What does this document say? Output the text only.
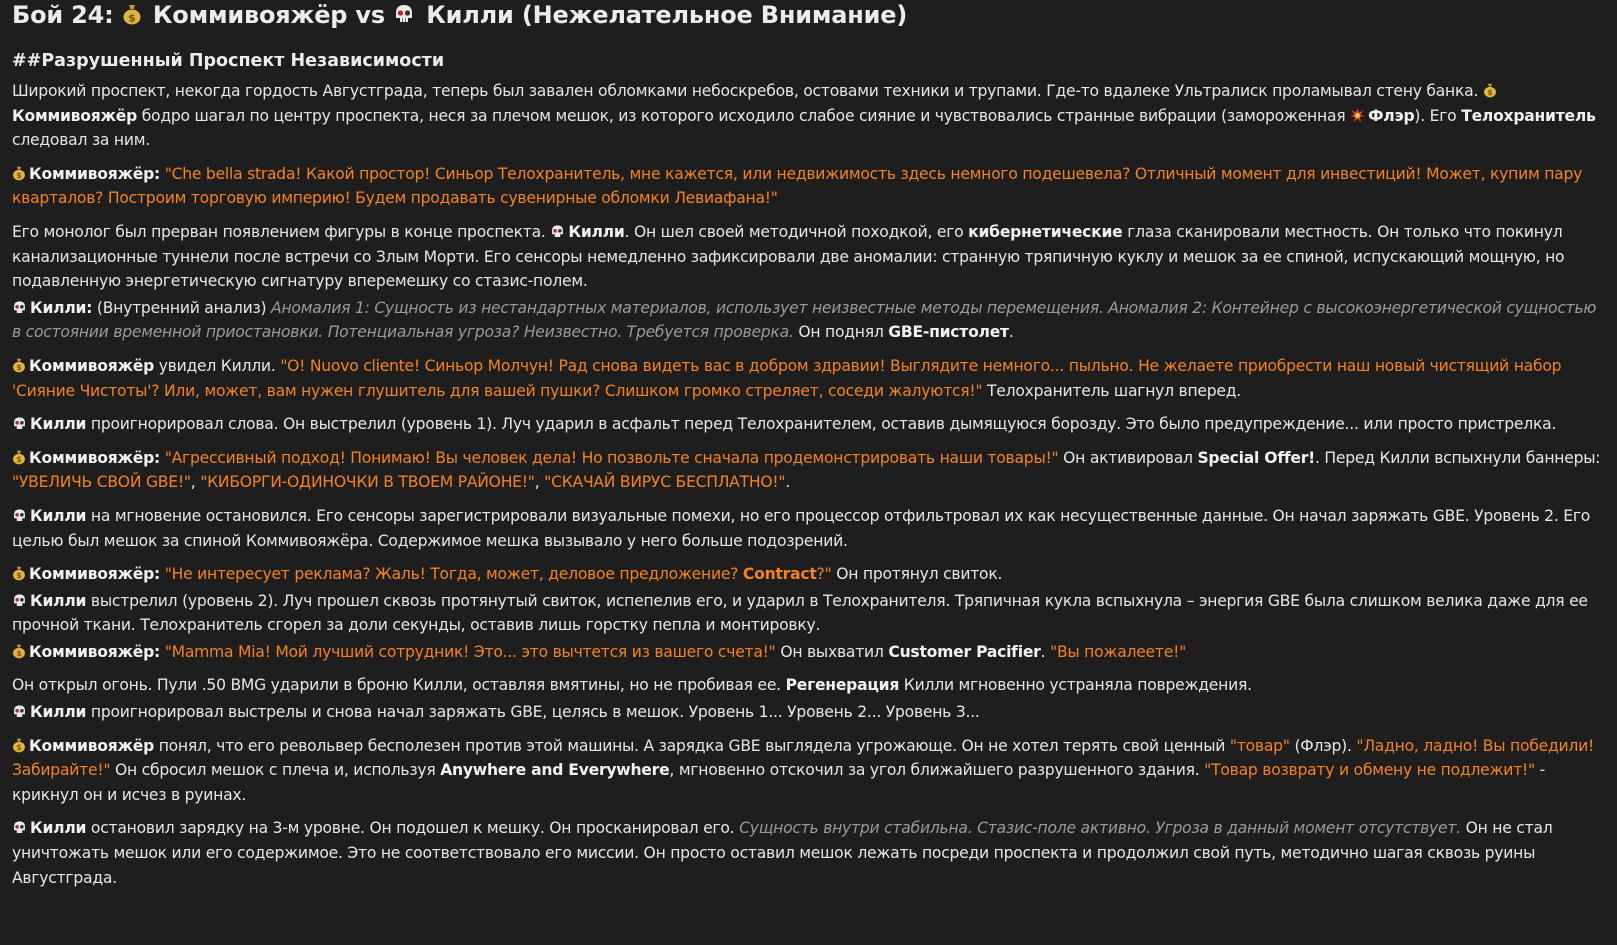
Бой 24: $ Коммивояжёр vs Килли (Нежелательное Внимание)
##Разрушенный Проспект Независимости

Широкий проспект, некогда гордость Августграда, теперь был завален обломками небоскребов, остовами техники и трупами. Где-то вдалеке Ультралиск проламывал стену банка. $

Коммивояжёр бодро шагал по центру проспекта, неся за плечом мешок, из которого исходило слабое сияние и чувствовались странные вибрации (замороженная
Флэр). Его Телохранитель следовал за ним.

$ Коммивояжёр: "Che bella strada! Какой простор! Синьор Телохранитель, мне кажется, или недвижимость здесь немного подешевела? Отличный момент для инвестиций! Может, купим пару кварталов? Построим торговую империю! Будем продавать сувенирные обломки Левиафана!"

Его монолог был прерван появлением фигуры в конце проспекта.
Килли. Он шел своей методичной походкой, его кибернетические глаза сканировали местность. Он только что покинул канализационные туннели после встречи со Злым Морти. Его сенсоры немедленно зафиксировали две аномалии: странную тряпичную куклу и мешок за ее спиной, испускающий мощную, но подавленную энергетическую сигнатуру вперемешку со стазис-полем.

Килли: (Внутренний анализ) Аномалия 1: Сущность из нестандартных материалов, использует неизвестные методы перемещения. Аномалия 2: Контейнер с высокоэнергетической сущностью в состоянии временной приостановки. Потенциальная угроза? Неизвестно. Требуется проверка. Он поднял GBE-пистолет.

$ Коммивояжёр увидел Килли. "O! Nuovo cliente! Синьор Молчун! Рад снова видеть вас в добром здравии! Выглядите немного... пыльно. Не желаете приобрести наш новый чистящий набор 'Сияние Чистоты'? Или, может, вам нужен глушитель для вашей пушки? Слишком громко стреляет, соседи жалуются!" Телохранитель шагнул вперед.

Килли проигнорировал слова. Он выстрелил (уровень 1). Луч ударил в асфальт перед Телохранителем, оставив дымящуюся борозду. Это было предупреждение... или просто пристрелка.

$ Коммивояжёр: "Агрессивный подход! Понимаю! Вы человек дела! Но позвольте сначала продемонстрировать наши товары!" Он активировал Special Offer!. Перед Килли вспыхнули баннеры: "УВЕЛИЧЬ СВОЙ GBE!", "КИБОРГИ-ОДИНОЧКИ В ТВОЕМ РАЙОНЕ!", "СКАЧАЙ ВИРУС БЕСПЛАТНО!".

Килли на мгновение остановился. Его сенсоры зарегистрировали визуальные помехи, но его процессор отфильтровал их как несущественные данные. Он начал заряжать GBE. Уровень 2. Его целью был мешок за спиной Коммивояжёра. Содержимое мешка вызывало у него больше подозрений.

$ Коммивояжёр: "Не интересует реклама? Жаль! Тогда, может, деловое предложение? Contract?" Он протянул свиток.

Килли выстрелил (уровень 2). Луч прошел сквозь протянутый свиток, испепелив его, и ударил в Телохранителя. Тряпичная кукла вспыхнула – энергия GBE была слишком велика даже для ее прочной ткани. Телохранитель сгорел за доли секунды, оставив лишь горстку пепла и монтировку.

$ Коммивояжёр: "Mamma Mia! Мой лучший сотрудник! Это... это вычтется из вашего счета!" Он выхватил Customer Pacifier. "Вы пожалеете!"

Он открыл огонь. Пули .50 BMG ударили в броню Килли, оставляя вмятины, но не пробивая ее. Регенерация Килли мгновенно устраняла повреждения.

Килли проигнорировал выстрелы и снова начал заряжать GBE, целясь в мешок. Уровень 1... Уровень 2... Уровень 3...

$ Коммивояжёр понял, что его револьвер бесполезен против этой машины. А зарядка GBE выглядела угрожающе. Он не хотел терять свой ценный "товар" (Флэр). "Ладно, ладно! Вы победили! Забирайте!" Он сбросил мешок с плеча и, используя Anywhere and Everywhere, мгновенно отскочил за угол ближайшего разрушенного здания. "Товар возврату и обмену не подлежит!" - крикнул он и исчез в руинах.

Килли остановил зарядку на 3-м уровне. Он подошел к мешку. Он просканировал его. Сущность внутри стабильна. Стазис-поле активно. Угроза в данный момент отсутствует. Он не стал уничтожать мешок или его содержимое. Это не соответствовало его миссии. Он просто оставил мешок лежать посреди проспекта и продолжил свой путь, методично шагая сквозь руины Августграда.
